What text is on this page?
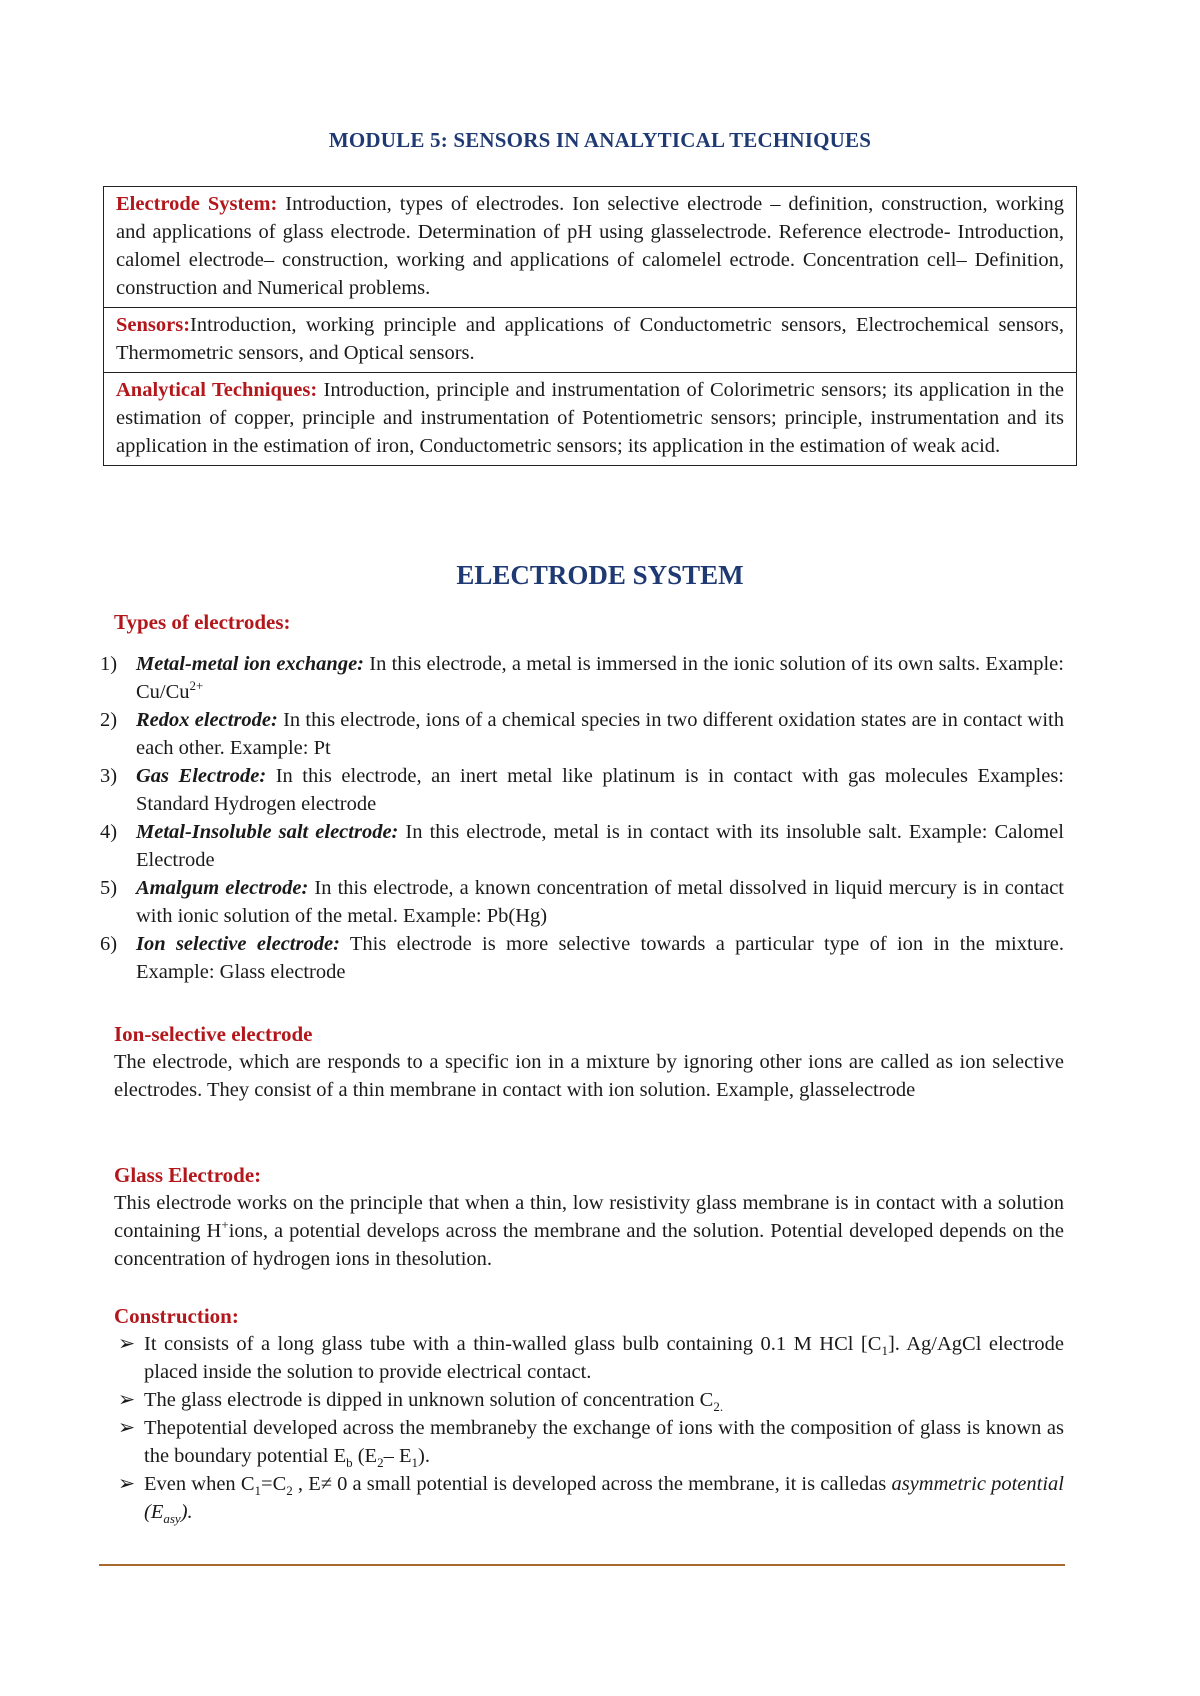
MODULE 5: SENSORS IN ANALYTICAL TECHNIQUES
Electrode System: Introduction, types of electrodes. Ion selective electrode – definition, construction, working and applications of glass electrode. Determination of pH using glasselectrode. Reference electrode- Introduction, calomel electrode– construction, working and applications of calomelel ectrode. Concentration cell– Definition, construction and Numerical problems.
Sensors:Introduction, working principle and applications of Conductometric sensors, Electrochemical sensors, Thermometric sensors, and Optical sensors.
Analytical Techniques: Introduction, principle and instrumentation of Colorimetric sensors; its application in the estimation of copper, principle and instrumentation of Potentiometric sensors; principle, instrumentation and its application in the estimation of iron, Conductometric sensors; its application in the estimation of weak acid.
ELECTRODE SYSTEM

Types of electrodes:

1) Metal-metal ion exchange: In this electrode, a metal is immersed in the ionic solution of its own salts. Example: $Cu/Cu^{2+}$
2) Redox electrode: In this electrode, ions of a chemical species in two different oxidation states are in contact with each other. Example: Pt
3) Gas Electrode: In this electrode, an inert metal like platinum is in contact with gas molecules Examples: Standard Hydrogen electrode
4) Metal-Insoluble salt electrode: In this electrode, metal is in contact with its insoluble salt. Example: Calomel Electrode
5) Amalgum electrode: In this electrode, a known concentration of metal dissolved in liquid mercury is in contact with ionic solution of the metal. Example: Pb(Hg)
6) Ion selective electrode: This electrode is more selective towards a particular type of ion in the mixture. Example: Glass electrode

Ion-selective electrode

The electrode, which are responds to a specific ion in a mixture by ignoring other ions are called as ion selective electrodes. They consist of a thin membrane in contact with ion solution. Example, glasselectrode

Glass Electrode:

This electrode works on the principle that when a thin, low resistivity glass membrane is in contact with a solution containing H+ions, a potential develops across the membrane and the solution. Potential developed depends on the concentration of hydrogen ions in thesolution.

Construction:

➢ It consists of a long glass tube with a thin-walled glass bulb containing 0.1 M HCl $[C_1]$. Ag/AgCl electrode placed inside the solution to provide electrical contact.
➢ The glass electrode is dipped in unknown solution of concentration $C_{2.}$
➢ Thepotential developed across the membraneby the exchange of ions with the composition of glass is known as the boundary potential $E_b$ ($E_2-$ $E_1$).
➢ Even when $C_1=C_2$ , E≠ 0 a small potential is developed across the membrane, it is calledas asymmetric potential $(E_{asy})$.
